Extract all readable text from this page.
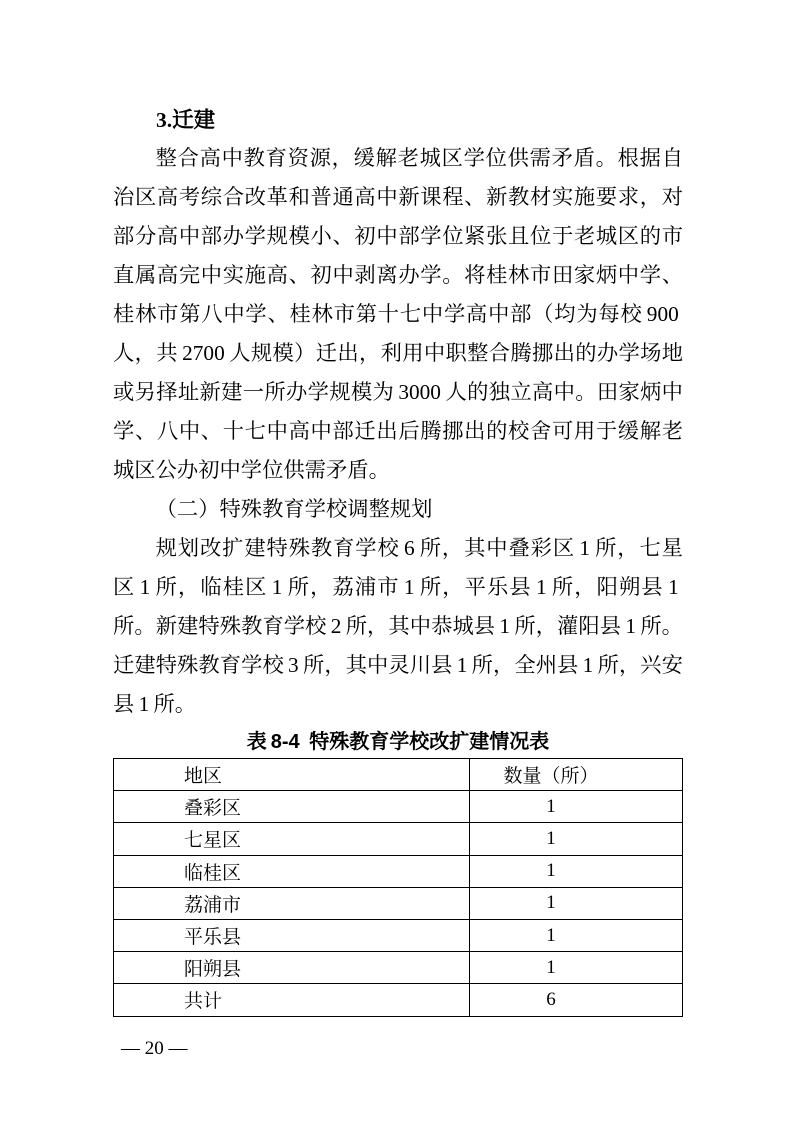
3.迁建

整合高中教育资源，缓解老城区学位供需矛盾。根据自治区高考综合改革和普通高中新课程、新教材实施要求，对部分高中部办学规模小、初中部学位紧张且位于老城区的市直属高完中实施高、初中剥离办学。将桂林市田家炳中学、桂林市第八中学、桂林市第十七中学高中部（均为每校 900人，共 2700 人规模）迁出，利用中职整合腾挪出的办学场地或另择址新建一所办学规模为 3000 人的独立高中。田家炳中学、八中、十七中高中部迁出后腾挪出的校舍可用于缓解老城区公办初中学位供需矛盾。

（二）特殊教育学校调整规划

规划改扩建特殊教育学校 6 所，其中叠彩区 1 所，七星区 1 所，临桂区 1 所，荔浦市 1 所，平乐县 1 所，阳朔县 1所。新建特殊教育学校 2 所，其中恭城县 1 所，灌阳县 1 所。迁建特殊教育学校 3 所，其中灵川县 1 所，全州县 1 所，兴安县 1 所。

表 8-4 特殊教育学校改扩建情况表
地区	数量（所）
叠彩区	1
七星区	1
临桂区	1
荔浦市	1
平乐县	1
阳朔县	1
共计	6
— 20 —
